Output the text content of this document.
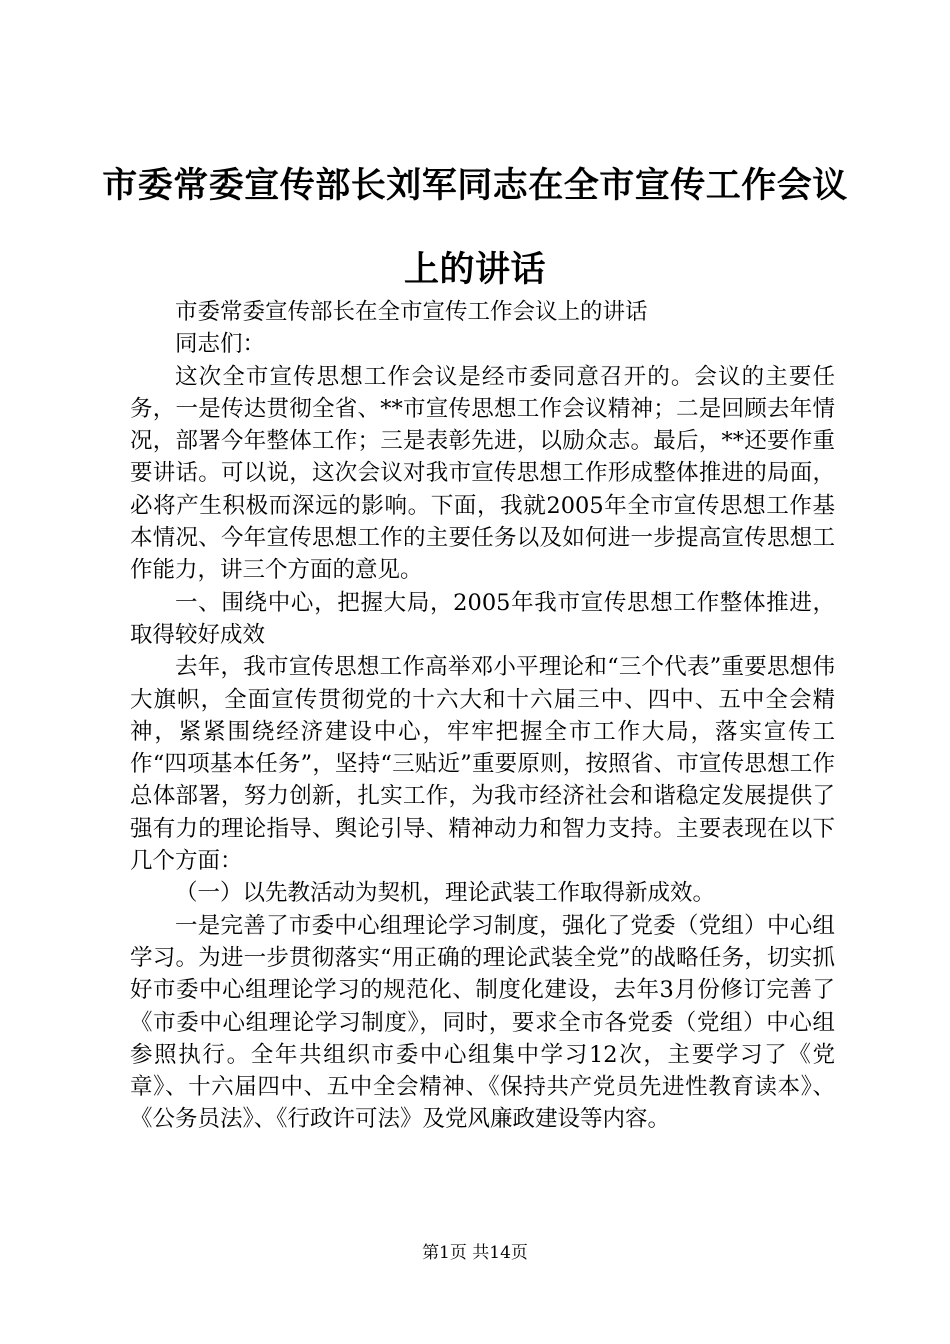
市委常委宣传部长刘军同志在全市宣传工作会议上的讲话

市委常委宣传部长在全市宣传工作会议上的讲话

同志们：

这次全市宣传思想工作会议是经市委同意召开的。会议的主要任务，一是传达贯彻全省、**市宣传思想工作会议精神；二是回顾去年情况，部署今年整体工作；三是表彰先进，以励众志。最后，**还要作重要讲话。可以说，这次会议对我市宣传思想工作形成整体推进的局面，必将产生积极而深远的影响。下面，我就2005年全市宣传思想工作基本情况、今年宣传思想工作的主要任务以及如何进一步提高宣传思想工作能力，讲三个方面的意见。

一、围绕中心，把握大局，2005年我市宣传思想工作整体推进，取得较好成效

去年，我市宣传思想工作高举邓小平理论和“三个代表”重要思想伟大旗帜，全面宣传贯彻党的十六大和十六届三中、四中、五中全会精神，紧紧围绕经济建设中心，牢牢把握全市工作大局，落实宣传工作“四项基本任务”，坚持“三贴近”重要原则，按照省、市宣传思想工作总体部署，努力创新，扎实工作，为我市经济社会和谐稳定发展提供了强有力的理论指导、舆论引导、精神动力和智力支持。主要表现在以下几个方面：

（一）以先教活动为契机，理论武装工作取得新成效。

一是完善了市委中心组理论学习制度，强化了党委（党组）中心组学习。为进一步贯彻落实“用正确的理论武装全党”的战略任务，切实抓好市委中心组理论学习的规范化、制度化建设，去年3月份修订完善了《市委中心组理论学习制度》，同时，要求全市各党委（党组）中心组参照执行。全年共组织市委中心组集中学习12次，主要学习了《党章》、十六届四中、五中全会精神、《保持共产党员先进性教育读本》、《公务员法》、《行政许可法》及党风廉政建设等内容。

第1页 共14页
